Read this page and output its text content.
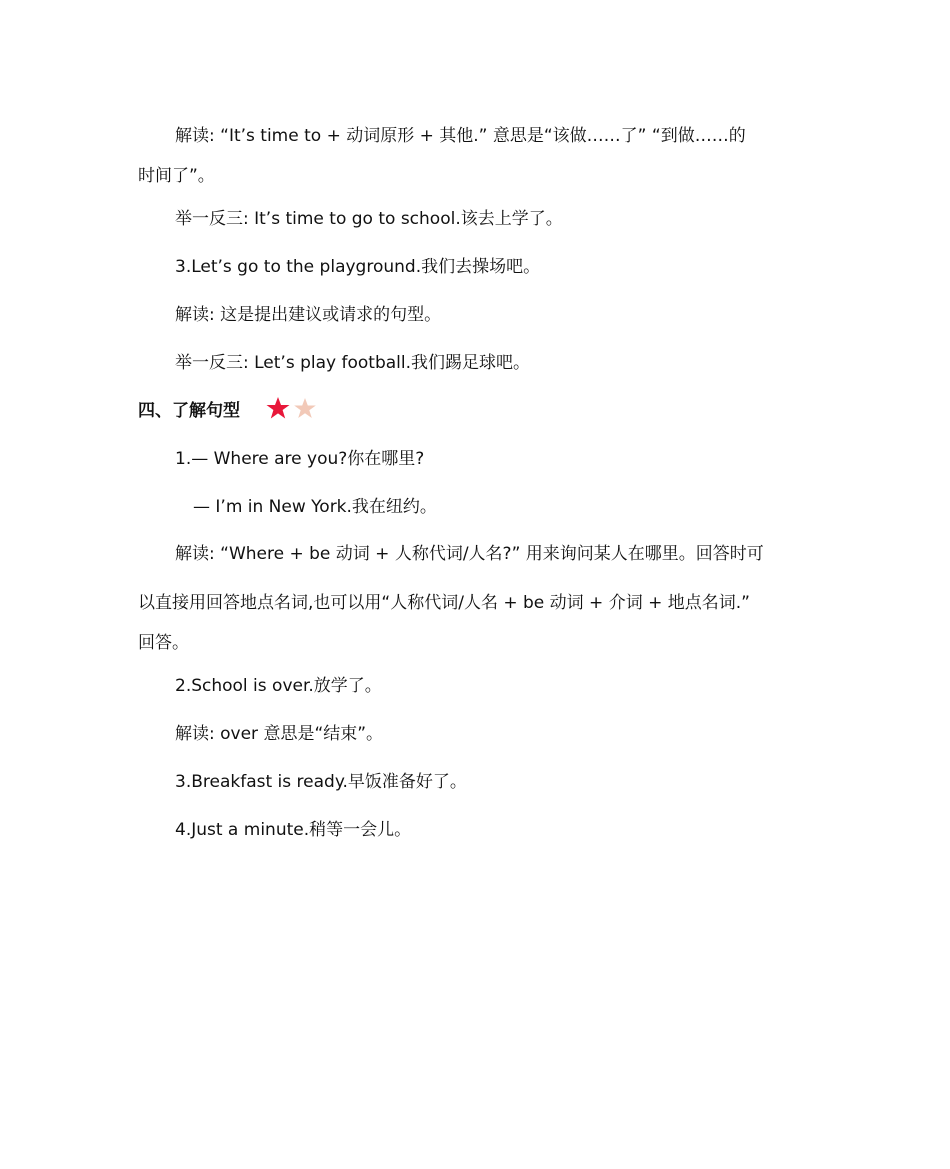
解读: “It’s time to + 动词原形 + 其他.” 意思是“该做……了” “到做……的
时间了”。
举一反三: It’s time to go to school.该去上学了。
3.Let’s go to the playground.我们去操场吧。
解读: 这是提出建议或请求的句型。
举一反三: Let’s play football.我们踢足球吧。
四、了解句型
1.— Where are you?你在哪里?
— I’m in New York.我在纽约。
解读: “Where + be 动词 + 人称代词/人名?” 用来询问某人在哪里。回答时可
以直接用回答地点名词,也可以用“人称代词/人名 + be 动词 + 介词 + 地点名词.”
回答。
2.School is over.放学了。
解读: over 意思是“结束”。
3.Breakfast is ready.早饭准备好了。
4.Just a minute.稍等一会儿。
